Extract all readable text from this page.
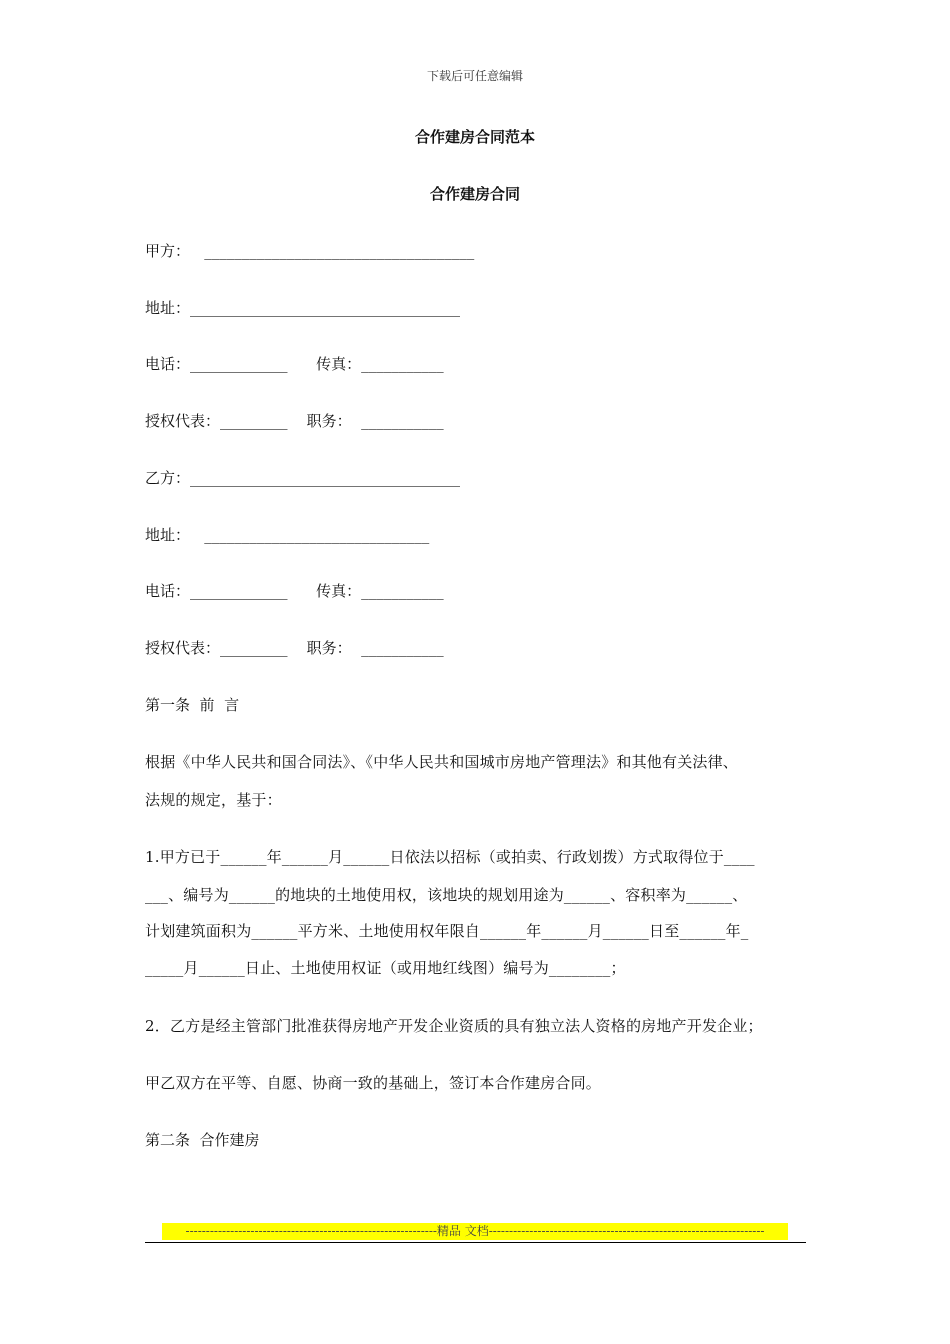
下载后可任意编辑
合作建房合同范本
合作建房合同
甲方：   ____________________________________
地址：____________________________________
电话：_____________      传真：___________
授权代表：_________    职务：  ___________
乙方：____________________________________
地址：   ______________________________
电话：_____________      传真：___________
授权代表：_________    职务：  ___________
第一条  前  言
根据《中华人民共和国合同法》、《中华人民共和国城市房地产管理法》和其他有关法律、
法规的规定，基于：
1.甲方已于______年______月______日依法以招标（或拍卖、行政划拨）方式取得位于____
___、编号为______的地块的土地使用权，该地块的规划用途为______、容积率为______、
计划建筑面积为______平方米、土地使用权年限自______年______月______日至______年_
_____月______日止、土地使用权证（或用地红线图）编号为________；
2．乙方是经主管部门批准获得房地产开发企业资质的具有独立法人资格的房地产开发企业；
甲乙双方在平等、自愿、协商一致的基础上，签订本合作建房合同。
第二条  合作建房
--------------------------------------------------------------精品 文档--------------------------------------------------------------------
